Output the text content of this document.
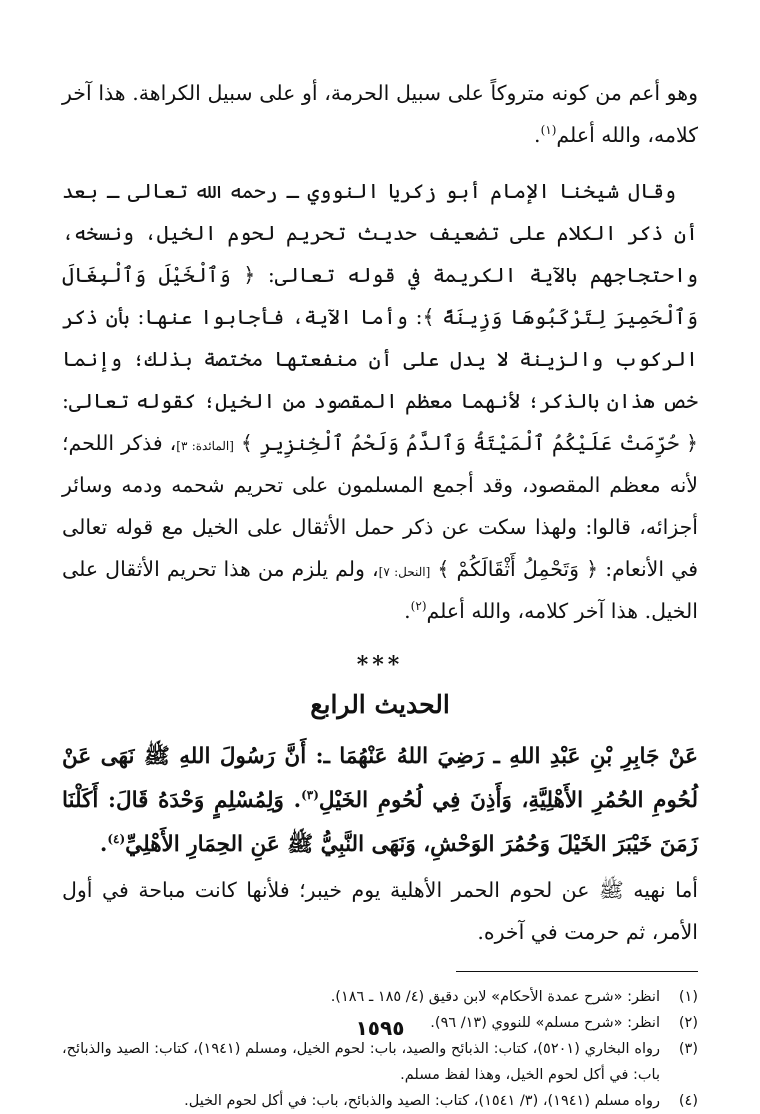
وهو أعم من كونه متروكاً على سبيل الحرمة، أو على سبيل الكراهة. هذا آخر كلامه، والله أعلم$^{(١)}$.

وقال شيخنا الإمام أبو زكريا النووي ـ رحمه الله تعالى ـ بعد أن ذكر الكلام على تضعيف حديث تحريم لحوم الخيل، ونسخه، واحتجاجهم بالآية الكريمة في قوله تعالى: ﴿ وَٱلْخَيْلَ وَٱلْبِغَالَ وَٱلْحَمِيرَ لِتَرْكَبُوهَا وَزِينَةً ﴾: وأما الآية، فأجابوا عنها: بأن ذكر الركوب والزينة لا يدل على أن منفعتها مختصة بذلك؛ وإنما خص هذان بالذكر؛ لأنهما معظم المقصود من الخيل؛ كقوله تعالى: ﴿ حُرِّمَتْ عَلَيْكُمُ ٱلْمَيْتَةُ وَٱلدَّمُ وَلَحْمُ ٱلْخِنزِيرِ ﴾ [المائدة: ٣]، فذكر اللحم؛ لأنه معظم المقصود، وقد أجمع المسلمون على تحريم شحمه ودمه وسائر أجزائه، قالوا: ولهذا سكت عن ذكر حمل الأثقال على الخيل مع قوله تعالى في الأنعام: ﴿ وَتَحْمِلُ أَثْقَالَكُمْ ﴾ [النحل: ٧]، ولم يلزم من هذا تحريم الأثقال على الخيل. هذا آخر كلامه، والله أعلم$^{(٢)}$.

***
الحديث الرابع
عَنْ جَابِرِ بْنِ عَبْدِ اللهِ ـ رَضِيَ اللهُ عَنْهُمَا ـ: أَنَّ رَسُولَ اللهِ ﷺ نَهَى عَنْ لُحُومِ الحُمُرِ الأَهْلِيَّةِ، وَأَذِنَ فِي لُحُومِ الخَيْلِ$^{(٣)}$. وَلِمُسْلِمٍ وَحْدَهُ قَالَ: أَكَلْنَا زَمَنَ خَيْبَرَ الخَيْلَ وَحُمُرَ الوَحْشِ، وَنَهَى النَّبِيُّ ﷺ عَنِ الحِمَارِ الأَهْلِيِّ$^{(٤)}$.
أما نهيه ﷺ عن لحوم الحمر الأهلية يوم خيبر؛ فلأنها كانت مباحة في أول الأمر، ثم حرمت في آخره.
(١)
انظر: «شرح عمدة الأحكام» لابن دقيق (٤/ ١٨٥ ـ ١٨٦).
(٢)
انظر: «شرح مسلم» للنووي (١٣/ ٩٦).
(٣)
رواه البخاري (٥٢٠١)، كتاب: الذبائح والصيد، باب: لحوم الخيل، ومسلم (١٩٤١)، كتاب: الصيد والذبائح، باب: في أكل لحوم الخيل، وهذا لفظ مسلم.
(٤)
رواه مسلم (١٩٤١)، (٣/ ١٥٤١)، كتاب: الصيد والذبائح، باب: في أكل لحوم الخيل.
١٥٩٥
